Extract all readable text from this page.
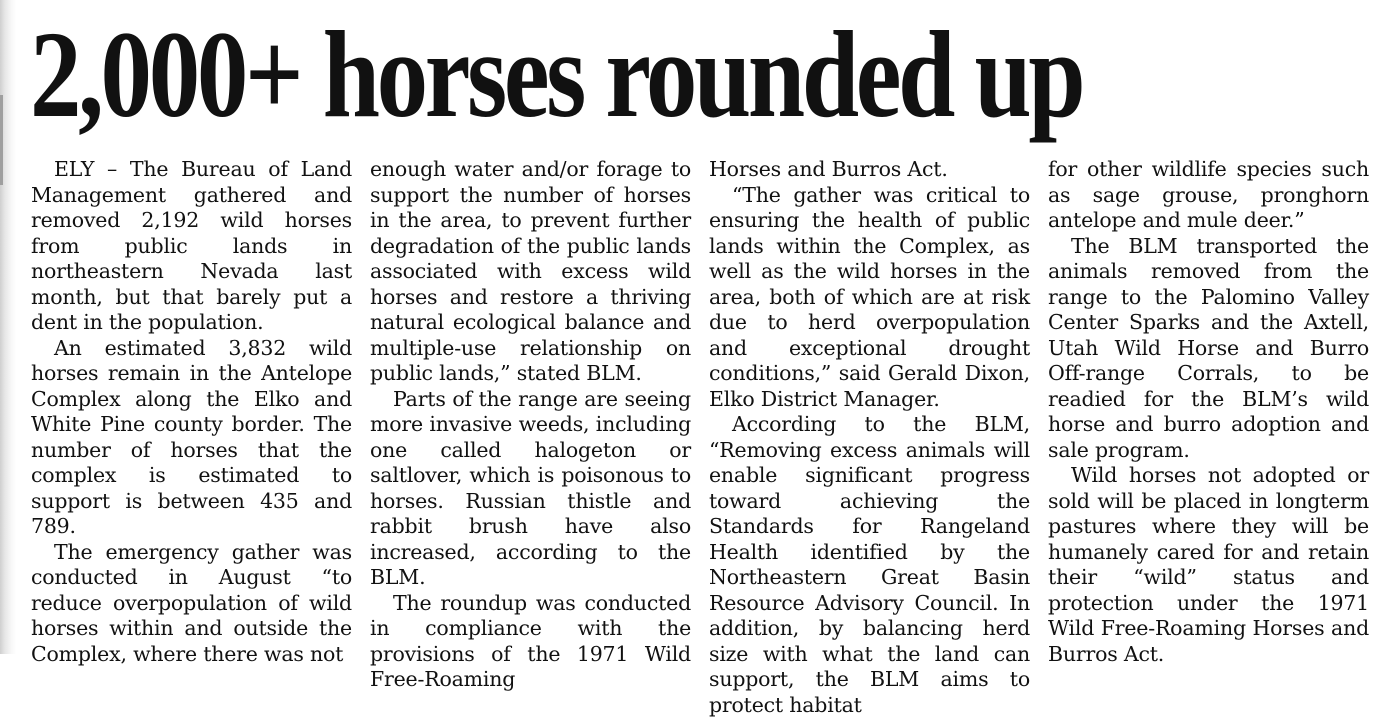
2,000+ horses rounded up

ELY – The Bureau of Land Management gathered and removed 2,192 wild horses from public lands in northeastern Nevada last month, but that barely put a dent in the population.

An estimated 3,832 wild horses remain in the Antelope Complex along the Elko and White Pine county border. The number of horses that the complex is estimated to support is between 435 and 789.

The emergency gather was conducted in August “to reduce overpopulation of wild horses within and outside the Complex, where there was not

enough water and/or forage to support the number of horses in the area, to prevent further degradation of the public lands associated with excess wild horses and restore a thriving natural ecological balance and multiple-use relationship on public lands,” stated BLM.

Parts of the range are seeing more invasive weeds, including one called halogeton or saltlover, which is poisonous to horses. Russian thistle and rabbit brush have also increased, according to the BLM.

The roundup was conducted in compliance with the provisions of the 1971 Wild Free-Roaming

Horses and Burros Act.

“The gather was critical to ensuring the health of public lands within the Complex, as well as the wild horses in the area, both of which are at risk due to herd overpopulation and exceptional drought conditions,” said Gerald Dixon, Elko District Manager.

According to the BLM, “Removing excess animals will enable significant progress toward achieving the Standards for Rangeland Health identified by the Northeastern Great Basin Resource Advisory Council. In addition, by balancing herd size with what the land can support, the BLM aims to protect habitat

for other wildlife species such as sage grouse, pronghorn antelope and mule deer.”

The BLM transported the animals removed from the range to the Palomino Valley Center Sparks and the Axtell, Utah Wild Horse and Burro Off-range Corrals, to be readied for the BLM’s wild horse and burro adoption and sale program.

Wild horses not adopted or sold will be placed in longterm pastures where they will be humanely cared for and retain their “wild” status and protection under the 1971 Wild Free-Roaming Horses and Burros Act.
